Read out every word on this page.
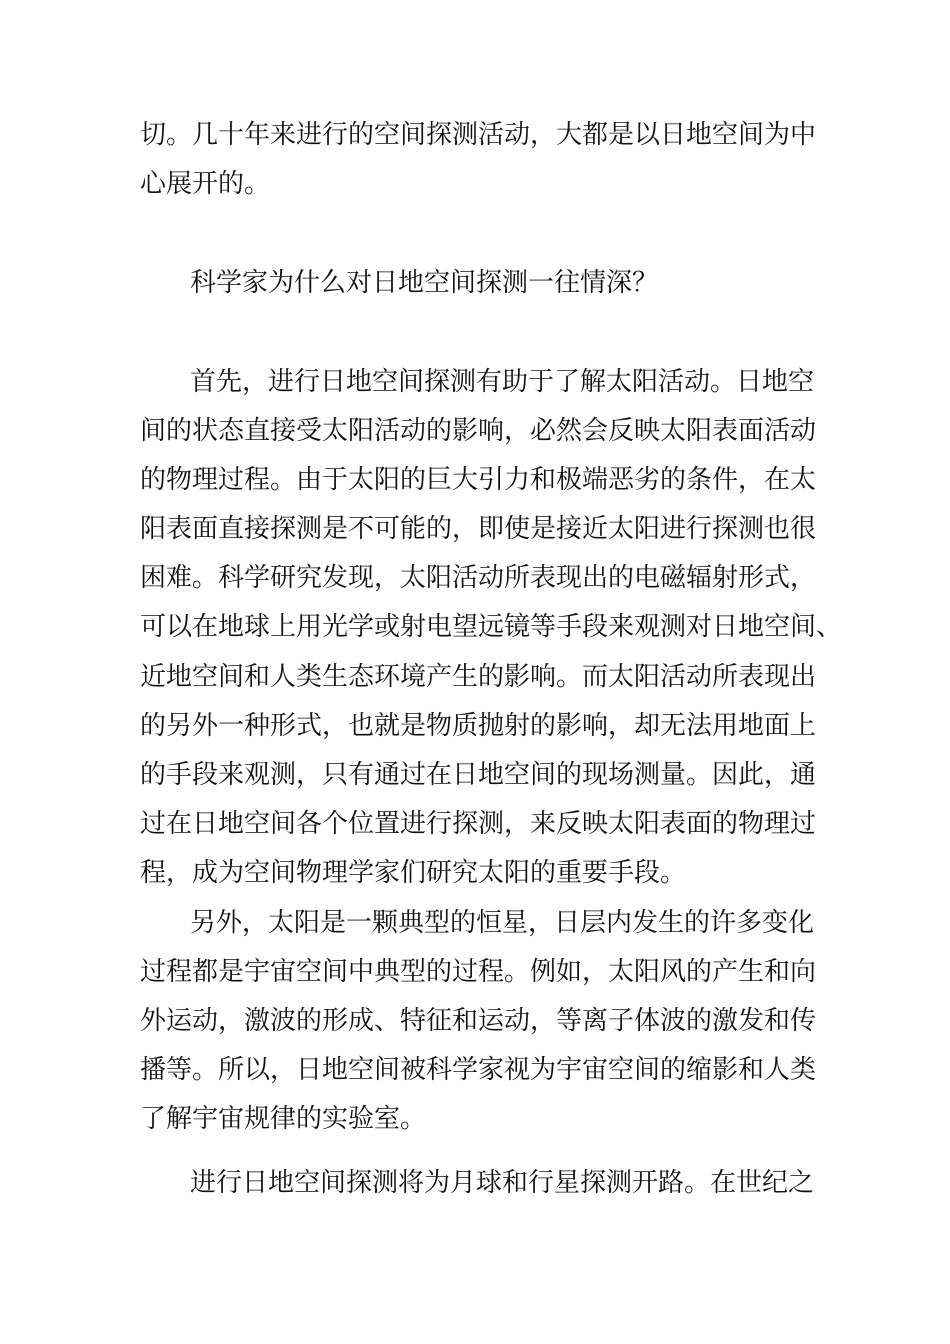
切。几十年来进行的空间探测活动，大都是以日地空间为中
心展开的。
科学家为什么对日地空间探测一往情深？
首先，进行日地空间探测有助于了解太阳活动。日地空
间的状态直接受太阳活动的影响，必然会反映太阳表面活动
的物理过程。由于太阳的巨大引力和极端恶劣的条件，在太
阳表面直接探测是不可能的，即使是接近太阳进行探测也很
困难。科学研究发现，太阳活动所表现出的电磁辐射形式，
可以在地球上用光学或射电望远镜等手段来观测对日地空间、
近地空间和人类生态环境产生的影响。而太阳活动所表现出
的另外一种形式，也就是物质抛射的影响，却无法用地面上
的手段来观测，只有通过在日地空间的现场测量。因此，通
过在日地空间各个位置进行探测，来反映太阳表面的物理过
程，成为空间物理学家们研究太阳的重要手段。
另外，太阳是一颗典型的恒星，日层内发生的许多变化
过程都是宇宙空间中典型的过程。例如，太阳风的产生和向
外运动，激波的形成、特征和运动，等离子体波的激发和传
播等。所以，日地空间被科学家视为宇宙空间的缩影和人类
了解宇宙规律的实验室。
进行日地空间探测将为月球和行星探测开路。在世纪之
